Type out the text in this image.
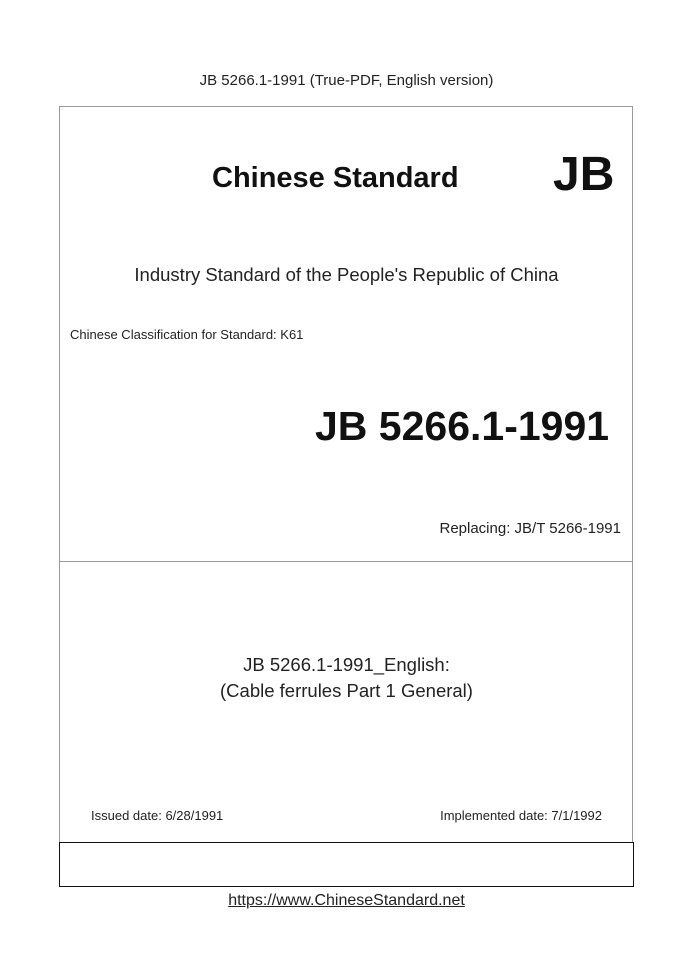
JB 5266.1-1991 (True-PDF, English version)
Chinese Standard JB
Industry Standard of the People's Republic of China
Chinese Classification for Standard: K61
JB 5266.1-1991
Replacing: JB/T 5266-1991
JB 5266.1-1991_English:
(Cable ferrules Part 1 General)
Issued date: 6/28/1991	Implemented date: 7/1/1992
https://www.ChineseStandard.net
